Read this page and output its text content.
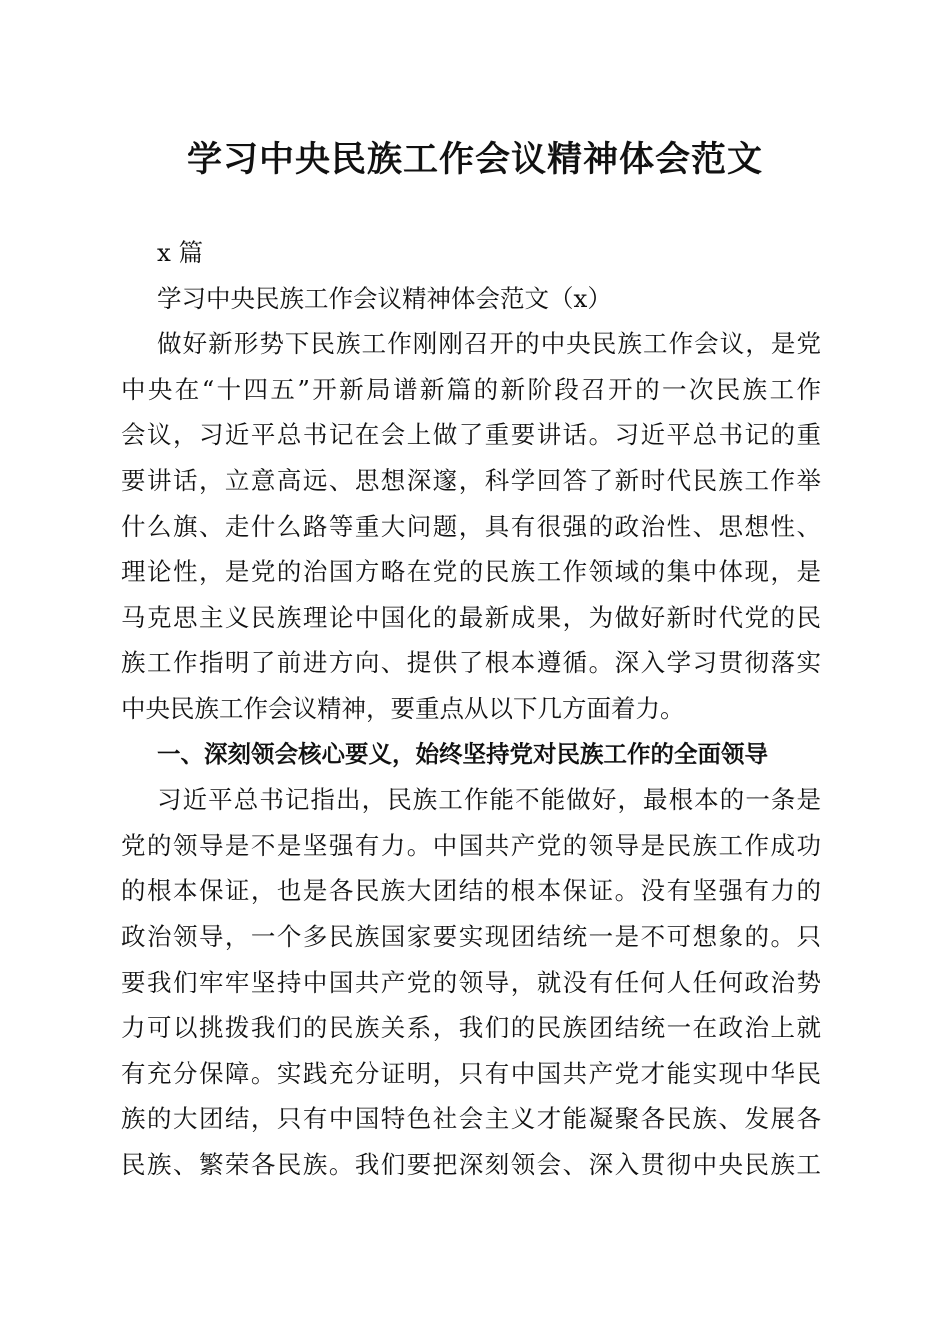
学习中央民族工作会议精神体会范文
x 篇
学习中央民族工作会议精神体会范文（x）
做好新形势下民族工作刚刚召开的中央民族工作会议，是党
中央在“十四五”开新局谱新篇的新阶段召开的一次民族工作
会议，习近平总书记在会上做了重要讲话。习近平总书记的重
要讲话，立意高远、思想深邃，科学回答了新时代民族工作举
什么旗、走什么路等重大问题，具有很强的政治性、思想性、
理论性，是党的治国方略在党的民族工作领域的集中体现，是
马克思主义民族理论中国化的最新成果，为做好新时代党的民
族工作指明了前进方向、提供了根本遵循。深入学习贯彻落实
中央民族工作会议精神，要重点从以下几方面着力。
一、深刻领会核心要义，始终坚持党对民族工作的全面领导
习近平总书记指出，民族工作能不能做好，最根本的一条是
党的领导是不是坚强有力。中国共产党的领导是民族工作成功
的根本保证，也是各民族大团结的根本保证。没有坚强有力的
政治领导，一个多民族国家要实现团结统一是不可想象的。只
要我们牢牢坚持中国共产党的领导，就没有任何人任何政治势
力可以挑拨我们的民族关系，我们的民族团结统一在政治上就
有充分保障。实践充分证明，只有中国共产党才能实现中华民
族的大团结，只有中国特色社会主义才能凝聚各民族、发展各
民族、繁荣各民族。我们要把深刻领会、深入贯彻中央民族工
